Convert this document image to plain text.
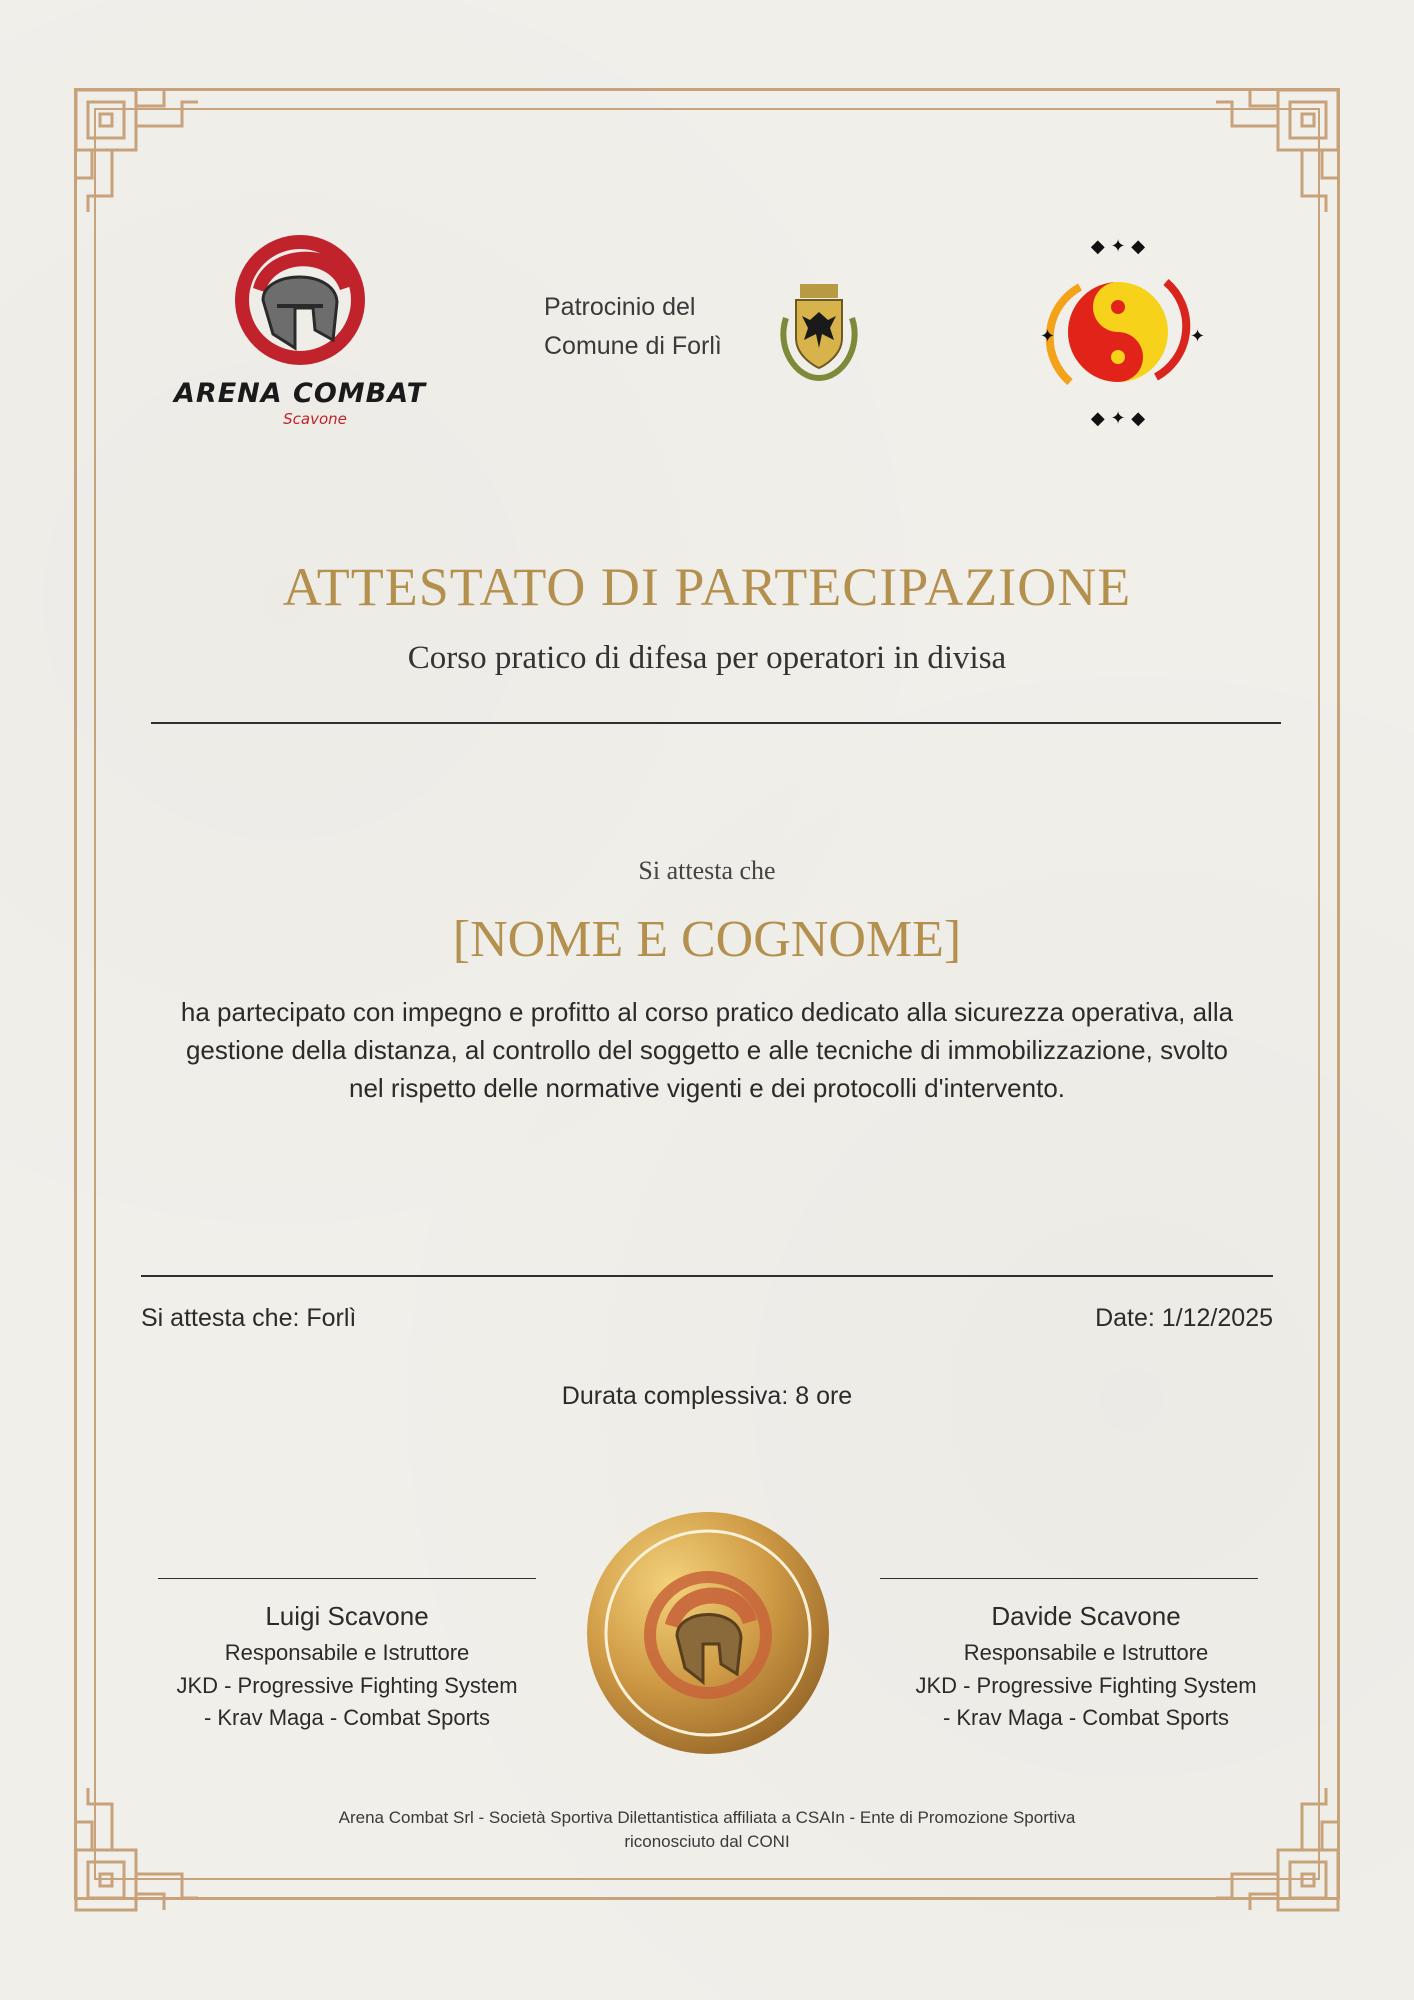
ARENA COMBAT
Scavone
Patrocinio del
Comune di Forlì
◆ ✦ ◆
✦	✦
◆ ✦ ◆
ATTESTATO DI PARTECIPAZIONE
Corso pratico di difesa per operatori in divisa
Si attesta che
[NOME E COGNOME]
ha partecipato con impegno e profitto al corso pratico dedicato alla sicurezza operativa, alla gestione della distanza, al controllo del soggetto e alle tecniche di immobilizzazione, svolto nel rispetto delle normative vigenti e dei protocolli d'intervento.
Si attesta che: Forlì	Date: 1/12/2025
Durata complessiva: 8 ore
Luigi Scavone
Responsabile e Istruttore
JKD - Progressive Fighting System
- Krav Maga - Combat Sports
Davide Scavone
Responsabile e Istruttore
JKD - Progressive Fighting System
- Krav Maga - Combat Sports
Arena Combat Srl - Società Sportiva Dilettantistica affiliata a CSAIn - Ente di Promozione Sportiva
riconosciuto dal CONI
